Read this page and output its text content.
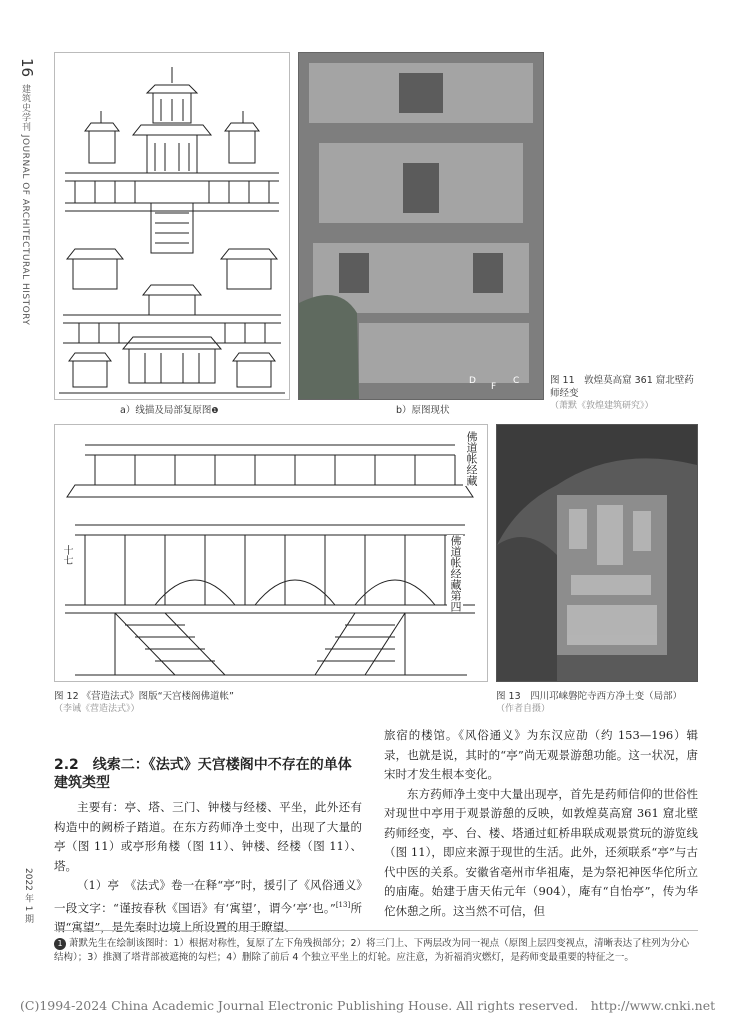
16
建筑史学刊 JOURNAL OF ARCHITECTURAL HISTORY
2022 年 1 期
a）线描及局部复原图❶
D
F
C
b）原图现状
图 11　敦煌莫高窟 361 窟北壁药
师经变
（萧默《敦煌建筑研究》）
佛道帐经藏
佛道帐经藏第四
十七
图 12 《营造法式》图版“天宫楼阁佛道帐”
（李诫《营造法式》）
图 13　四川邛崃磐陀寺西方净土变（局部）
（作者自摄）
2.2　线索二：《法式》天宫楼阁中不存在的单体建筑类型

主要有：亭、塔、三门、钟楼与经楼、平坐，此外还有构造中的阙桥子踏道。在东方药师净土变中，出现了大量的亭（图 11）或亭形角楼（图 11）、钟楼、经楼（图 11）、塔。

（1）亭　《法式》卷一在释“亭”时，援引了《风俗通义》一段文字：“谨按春秋《国语》有‘寓望’，谓今‘亭’也。”[13]所谓“寓望”，是先秦时边境上所设置的用于瞭望、

旅宿的楼馆。《风俗通义》为东汉应劭（约 153—196）辑录，也就是说，其时的“亭”尚无观景游憩功能。这一状况，唐宋时才发生根本变化。

东方药师净土变中大量出现亭，首先是药师信仰的世俗性对现世中亭用于观景游憩的反映，如敦煌莫高窟 361 窟北壁药师经变，亭、台、楼、塔通过虹桥串联成观景赏玩的游览线（图 11），即应来源于现世的生活。此外，还须联系“亭”与古代中医的关系。安徽省亳州市华祖庵，是为祭祀神医华佗所立的庙庵。始建于唐天佑元年（904），庵有“自怡亭”，传为华佗休憩之所。这当然不可信，但

1 萧默先生在绘制该图时：1）根据对称性，复原了左下角残损部分；2）将三门上、下两层改为同一视点（原图上层四变视点，清晰表达了柱列为分心结构）；3）推测了塔背部被遮掩的勾栏；4）删除了前后 4 个独立平坐上的灯轮。应注意，为祈福消灾燃灯，是药师变最重要的特征之一。
(C)1994-2024 China Academic Journal Electronic Publishing House. All rights reserved.　http://www.cnki.net
